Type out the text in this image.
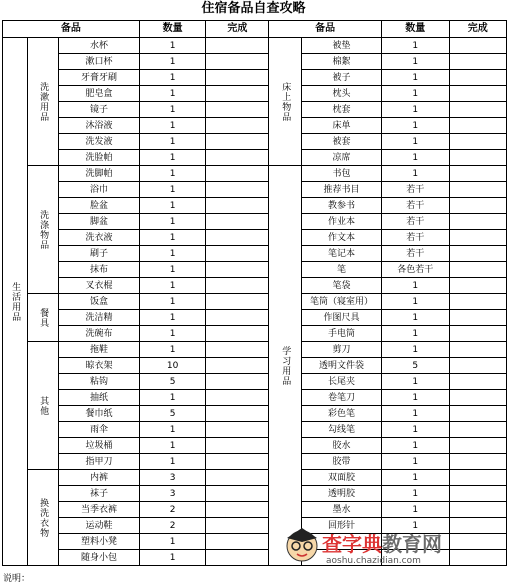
住宿备品自查攻略
备品			数量	完成	备品		数量	完成
生活用品	洗漱用品	水杯	1		床上物品	被垫	1	
		漱口杯	1			棉絮	1	
		牙膏牙刷	1			被子	1	
		肥皂盒	1			枕头	1	
		镜子	1			枕套	1	
		沐浴液	1			床单	1	
		洗发液	1			被套	1	
		洗脸帕	1			凉席	1	
	洗涤物品	洗脚帕	1		学习用品	书包	1	
		浴巾	1			推荐书目	若干	
		脸盆	1			教参书	若干	
		脚盆	1			作业本	若干	
		洗衣液	1			作文本	若干	
		刷子	1			笔记本	若干	
		抹布	1			笔	各色若干	
		叉衣棍	1			笔袋	1	
	餐具	饭盒	1			笔筒（寝室用）	1	
		洗洁精	1			作图尺具	1	
		洗碗布	1			手电筒	1	
	其他	拖鞋	1			剪刀	1	
		晾衣架	10			透明文件袋	5	
		粘钩	5			长尾夹	1	
		抽纸	1			卷笔刀	1	
		餐巾纸	5			彩色笔	1	
		雨伞	1			勾线笔	1	
		垃圾桶	1			胶水	1	
		指甲刀	1			胶带	1	
	换洗衣物	内裤	3			双面胶	1	
		袜子	3			透明胶	1	
		当季衣裤	2			墨水	1	
		运动鞋	2			回形针	1	
		塑料小凳	1					
		随身小包	1					
说明：
查字典教育网
aoshu.chazidian.com
